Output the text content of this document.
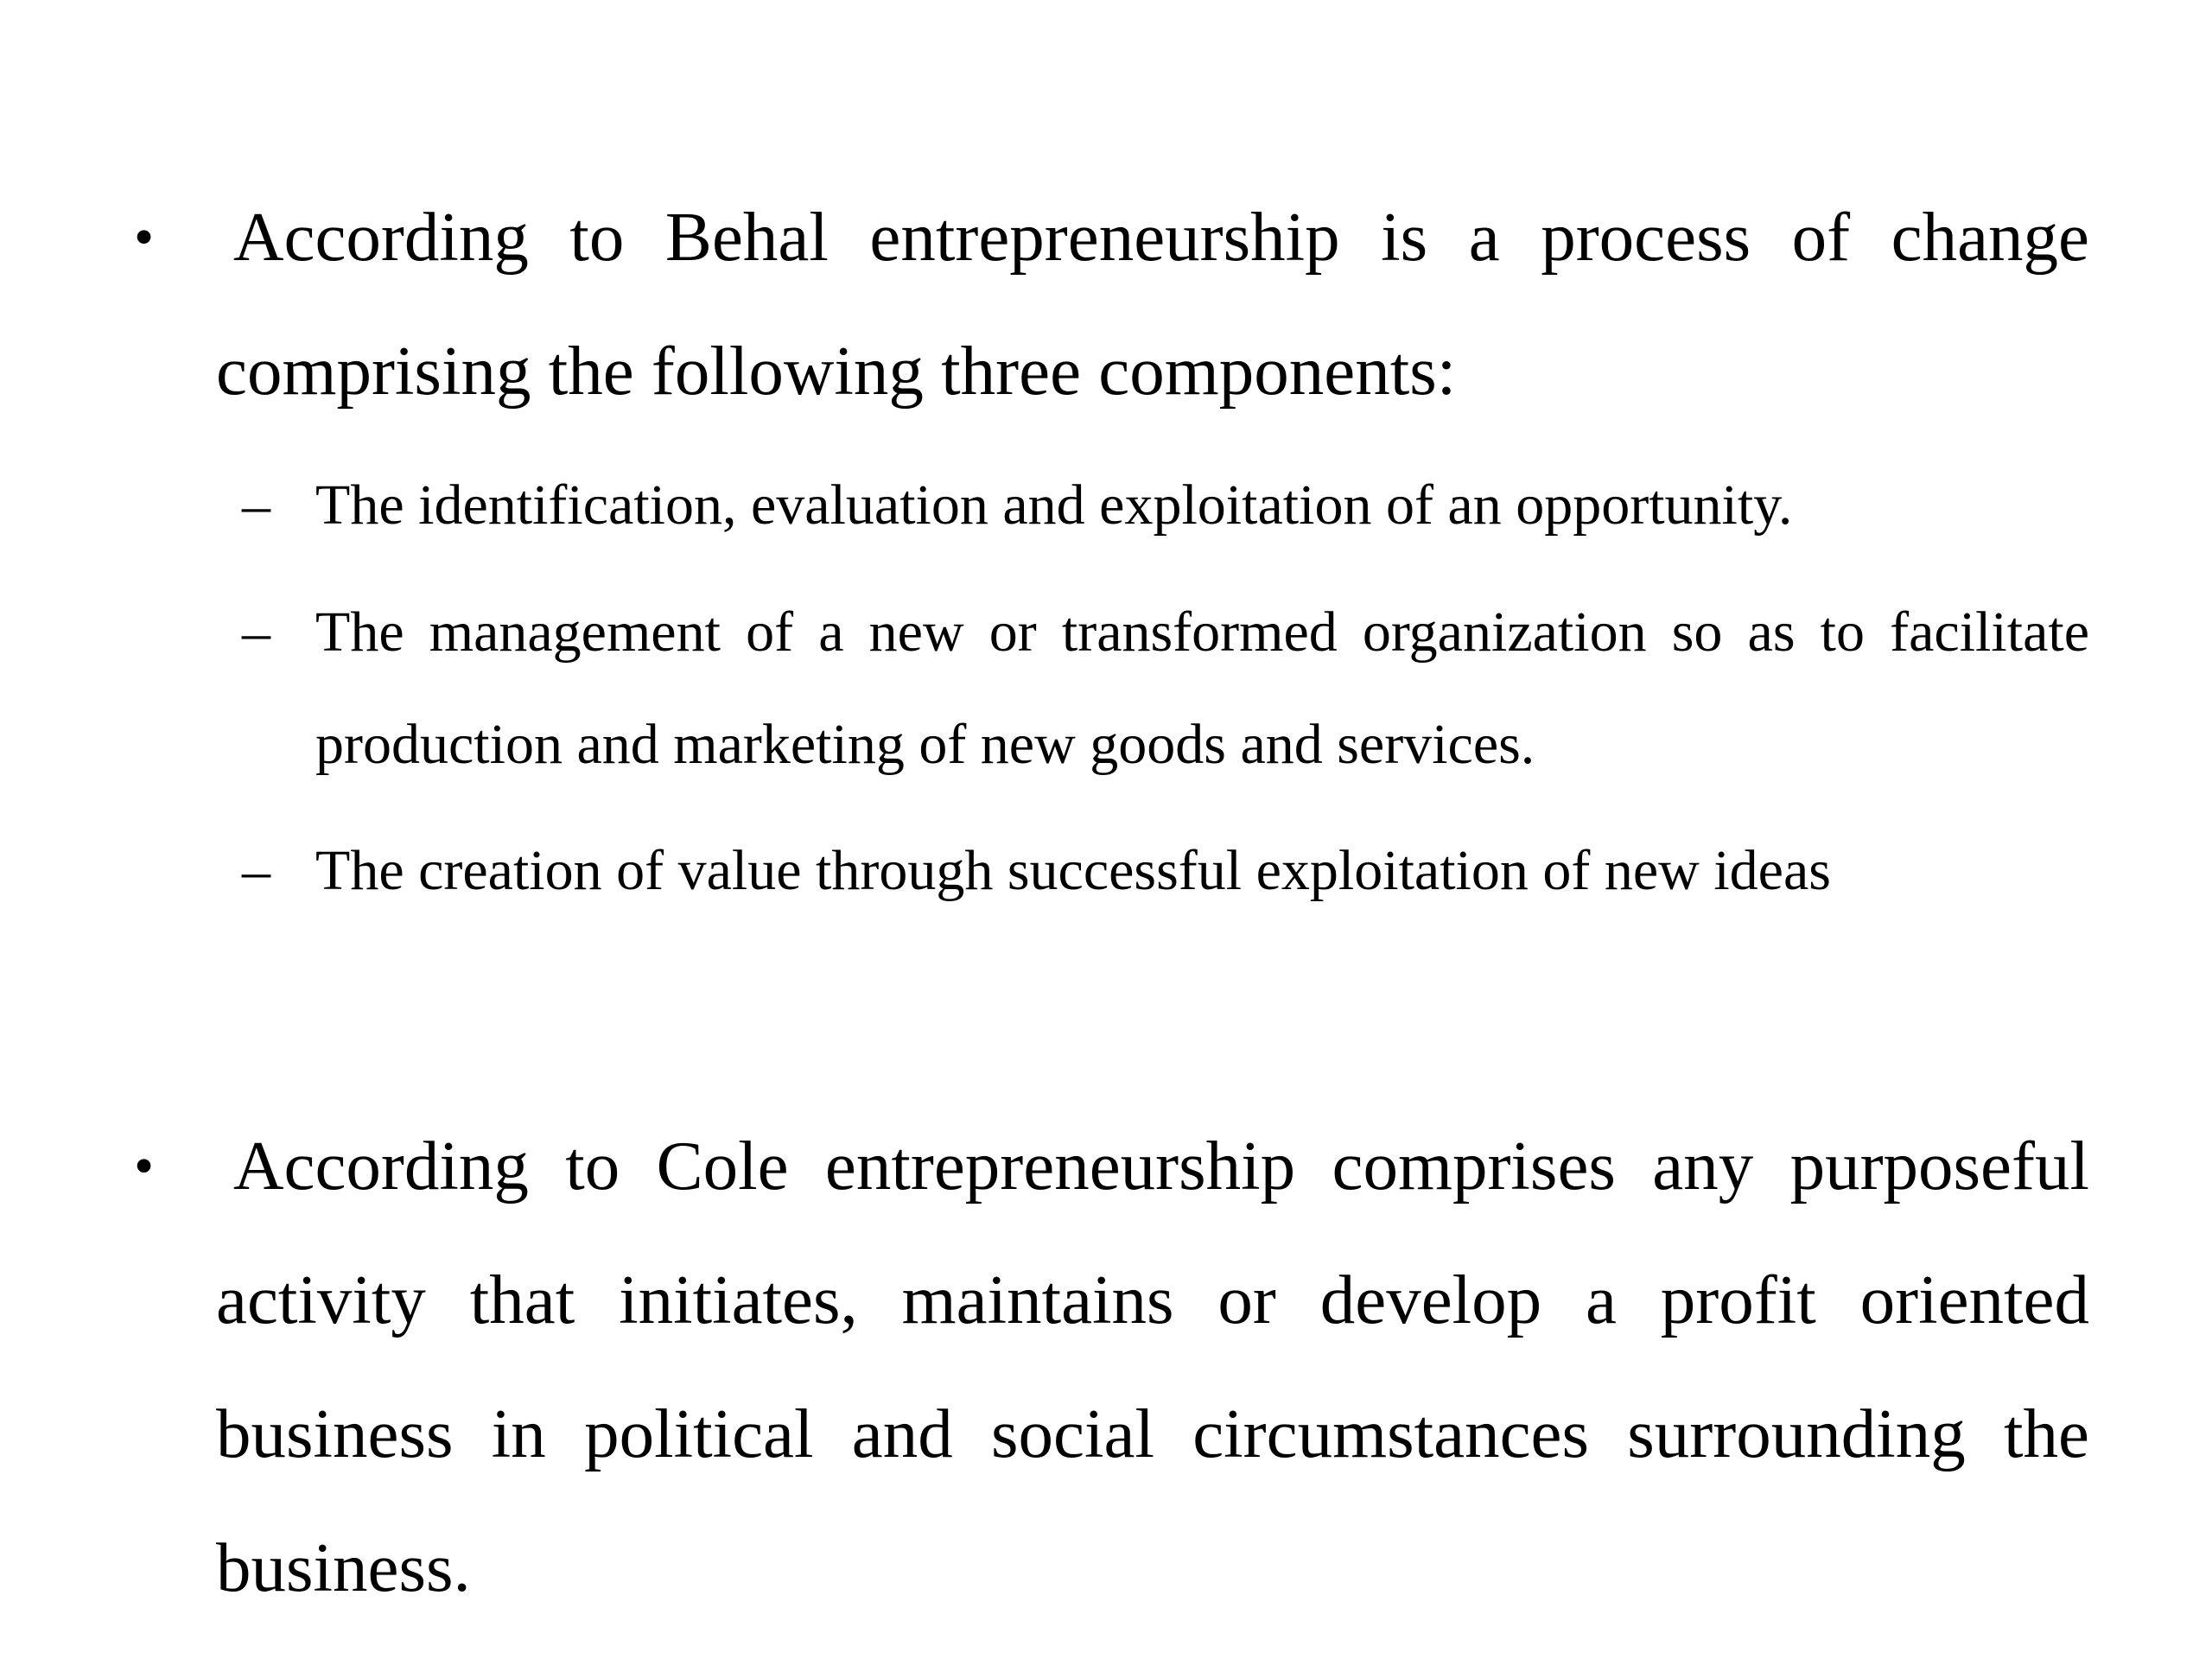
• According to Behal entrepreneurship is a process of change comprising the following three components:
– The identification, evaluation and exploitation of an opportunity.
– The management of a new or transformed organization so as to facilitate production and marketing of new goods and services.
– The creation of value through successful exploitation of new ideas
• According to Cole entrepreneurship comprises any purposeful activity that initiates, maintains or develop a profit oriented business in political and social circumstances surrounding the business.
